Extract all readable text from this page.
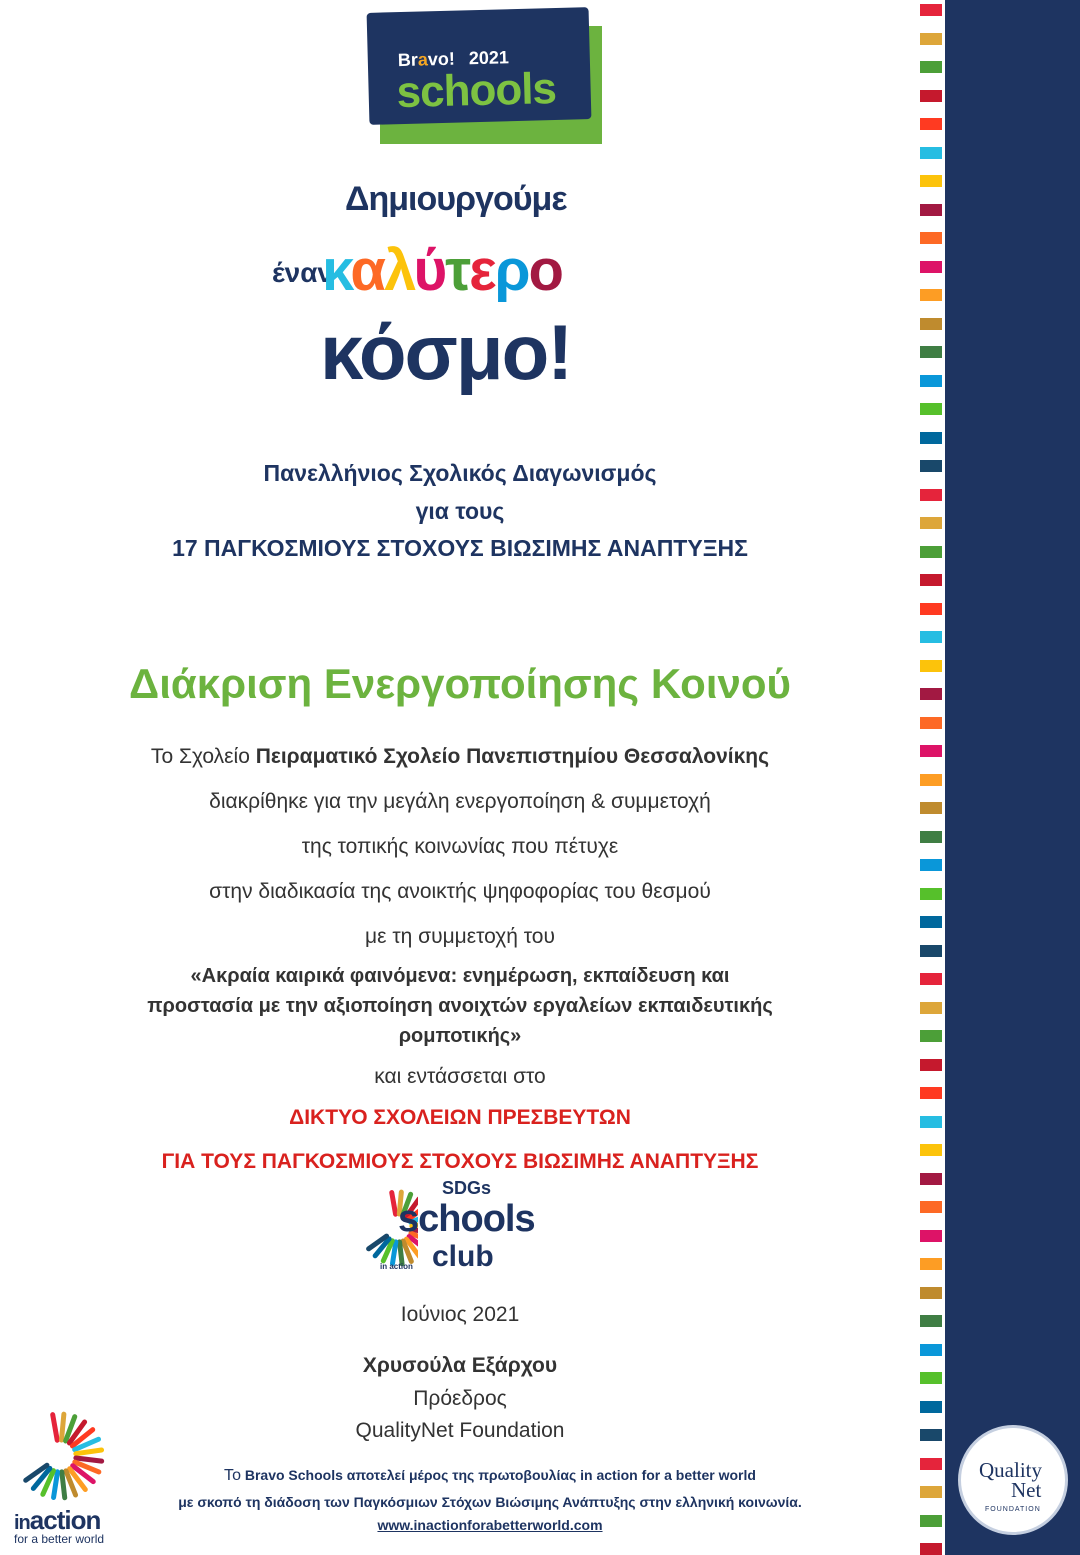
Bravo! 2021
schools
Δημιουργούμε
έναν
καλύτερο
κόσμο!
Πανελλήνιος Σχολικός Διαγωνισμός
για τους
17 ΠΑΓΚΟΣΜΙΟΥΣ ΣΤΟΧΟΥΣ ΒΙΩΣΙΜΗΣ ΑΝΑΠΤΥΞΗΣ
Διάκριση Ενεργοποίησης Κοινού
Το Σχολείο Πειραματικό Σχολείο Πανεπιστημίου Θεσσαλονίκης
διακρίθηκε για την μεγάλη ενεργοποίηση & συμμετοχή
της τοπικής κοινωνίας που πέτυχε
στην διαδικασία της ανοικτής ψηφοφορίας του θεσμού
με τη συμμετοχή του
«Ακραία καιρικά φαινόμενα: ενημέρωση, εκπαίδευση και
προστασία με την αξιοποίηση ανοιχτών εργαλείων εκπαιδευτικής
ρομποτικής»
και εντάσσεται στο
ΔΙΚΤΥΟ ΣΧΟΛΕΙΩΝ ΠΡΕΣΒΕΥΤΩΝ
ΓΙΑ ΤΟΥΣ ΠΑΓΚΟΣΜΙΟΥΣ ΣΤΟΧΟΥΣ ΒΙΩΣΙΜΗΣ ΑΝΑΠΤΥΞΗΣ
SDGs
schools
club
in action
Ιούνιος 2021
Χρυσούλα Εξάρχου
Πρόεδρος
QualityNet Foundation
Το Bravo Schools αποτελεί μέρος της πρωτοβουλίας in action for a better world
με σκοπό τη διάδοση των Παγκόσμιων Στόχων Βιώσιμης Ανάπτυξης στην ελληνική κοινωνία.
www.inactionforabetterworld.com
inaction
for a better world
Quality
Net
FOUNDATION
